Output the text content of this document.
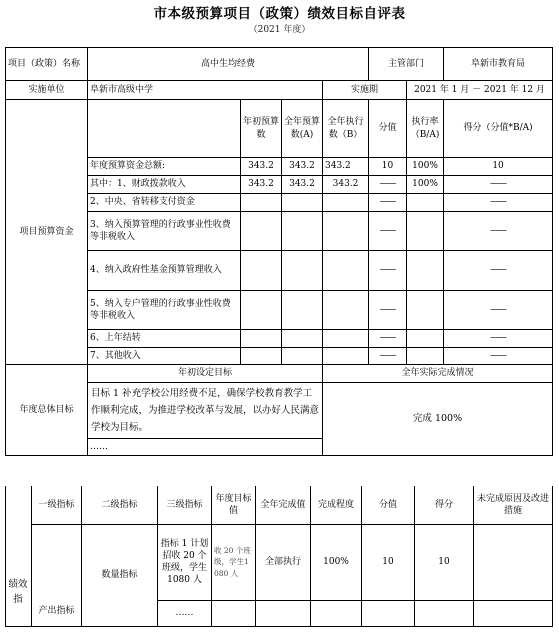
市本级预算项目（政策）绩效目标自评表
（2021 年度）
项目（政策）名称	高中生均经费				主管部门		阜新市教育局
实施单位	阜新市高级中学			实施期		2021 年 1 月 － 2021 年 12 月	
项目预算资金		年初预算数	全年预算数(A)	全年执行数（B）	分值	执行率（B/A)	得分（分值*B/A)
	年度预算资金总额:	343.2	343.2	343.2	10	100%	10
	其中：1、财政拨款收入	343.2	343.2	343.2	——	100%	——
	2、中央、省转移支付资金				——		——
	3、纳入预算管理的行政事业性收费等非税收入				——		——
	4、纳入政府性基金预算管理收入				——		——
	5、纳入专户管理的行政事业性收费等非税收入				——		——
	6、上年结转				——		——
	7、其他收入				——		——
年度总体目标	年初设定目标			全年实际完成情况			
	目标 1 补充学校公用经费不足，确保学校教育教学工作顺利完成，为推进学校改革与发展，以办好人民满意学校为目标。			完成 100%			
	……						
	一级指标	二级指标	三级指标	年度目标值	全年完成值	完成程度	分值	得分	未完成原因及改进措施
	产出指标	数量指标	指标 1 计划招收 20 个班级，学生1080 人	收 20 个班级，学生1080 人	全部执行	100%	10	10	
			……						
绩效指
